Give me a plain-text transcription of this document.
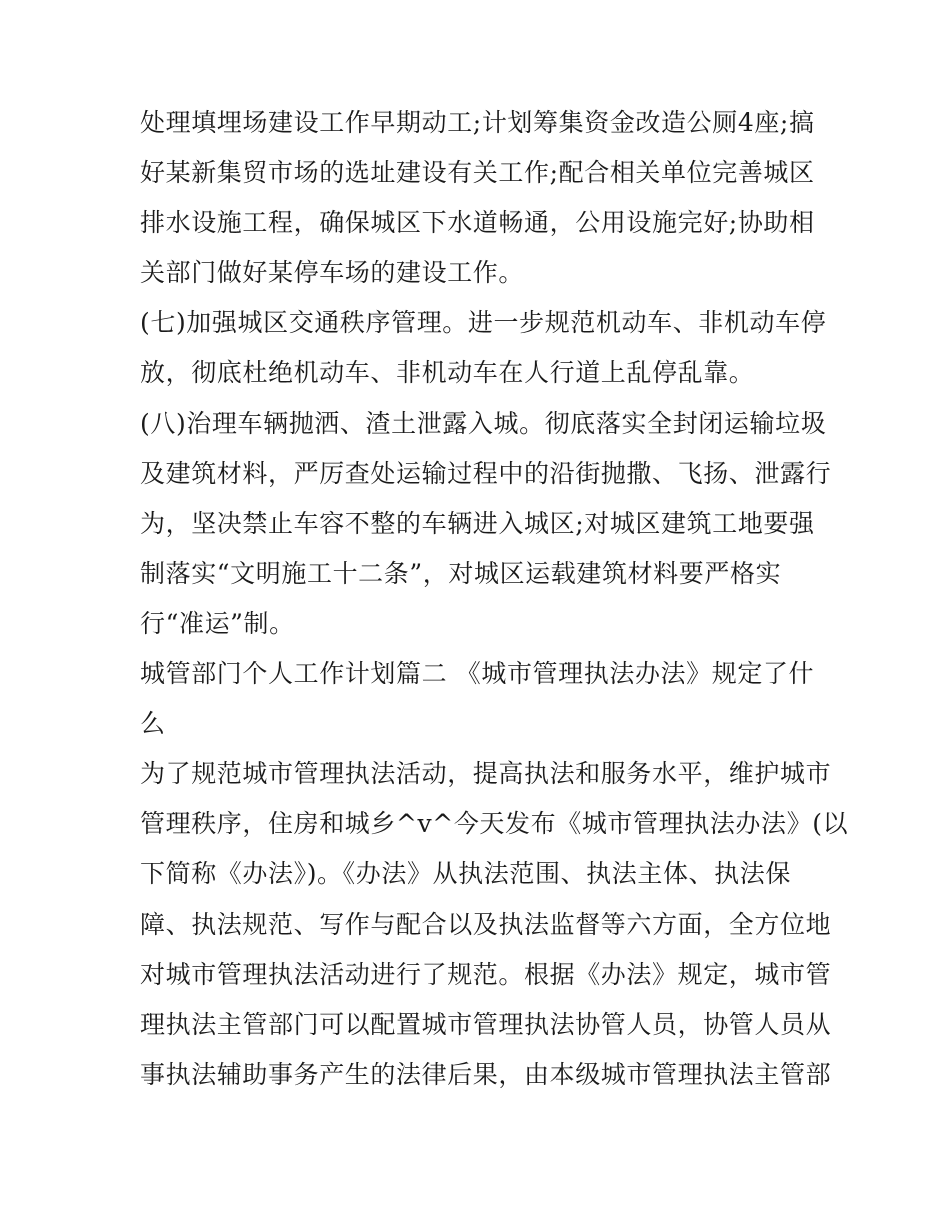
处理填埋场建设工作早期动工;计划筹集资金改造公厕4座;搞
好某新集贸市场的选址建设有关工作;配合相关单位完善城区
排水设施工程，确保城区下水道畅通，公用设施完好;协助相
关部门做好某停车场的建设工作。
(七)加强城区交通秩序管理。进一步规范机动车、非机动车停
放，彻底杜绝机动车、非机动车在人行道上乱停乱靠。
(八)治理车辆抛洒、渣土泄露入城。彻底落实全封闭运输垃圾
及建筑材料，严厉查处运输过程中的沿街抛撒、飞扬、泄露行
为，坚决禁止车容不整的车辆进入城区;对城区建筑工地要强
制落实“文明施工十二条”，对城区运载建筑材料要严格实
行“准运”制。
城管部门个人工作计划篇二 《城市管理执法办法》规定了什
么
为了规范城市管理执法活动，提高执法和服务水平，维护城市
管理秩序，住房和城乡^v^今天发布《城市管理执法办法》(以
下简称《办法》)。《办法》从执法范围、执法主体、执法保
障、执法规范、写作与配合以及执法监督等六方面，全方位地
对城市管理执法活动进行了规范。根据《办法》规定，城市管
理执法主管部门可以配置城市管理执法协管人员，协管人员从
事执法辅助事务产生的法律后果，由本级城市管理执法主管部
